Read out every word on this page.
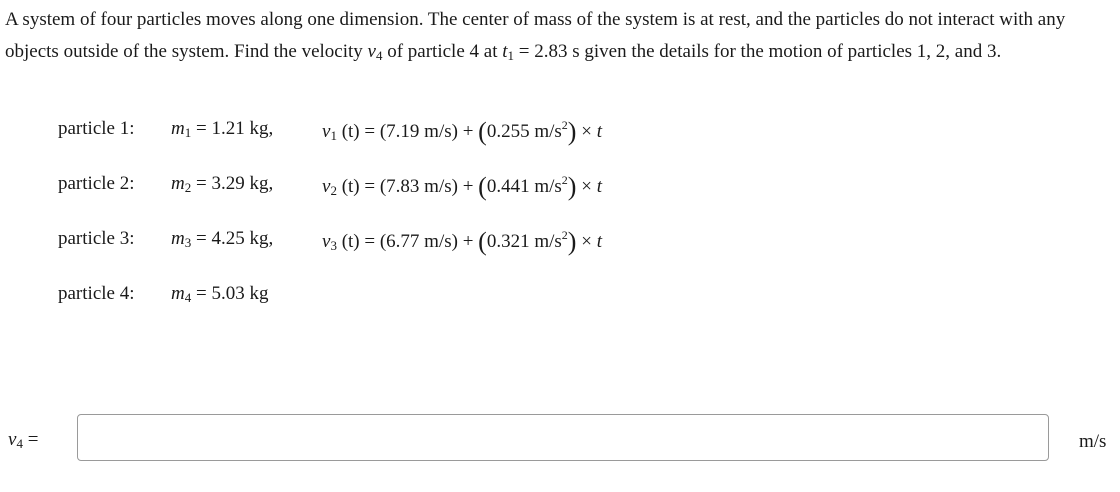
A system of four particles moves along one dimension. The center of mass of the system is at rest, and the particles do not interact with any objects outside of the system. Find the velocity $v_4$ of particle 4 at $t_1 = 2.83$ s given the details for the motion of particles 1, 2, and 3.

particle 1: $m_1 = 1.21$ kg,	$v_1$ (t) = (7.19 m/s) + (0.255 $m/s^2) \times t$
particle 2: $m_2 = 3.29$ kg,	$v_2$ (t) = (7.83 m/s) + (0.441 $m/s^2) \times t$
particle 3: $m_3 = 4.25$ kg,	$v_3$ (t) = (6.77 m/s) + (0.321 $m/s^2) \times t$
particle 4: $m_4 = 5.03$ kg
$v_4$ =	m/s
